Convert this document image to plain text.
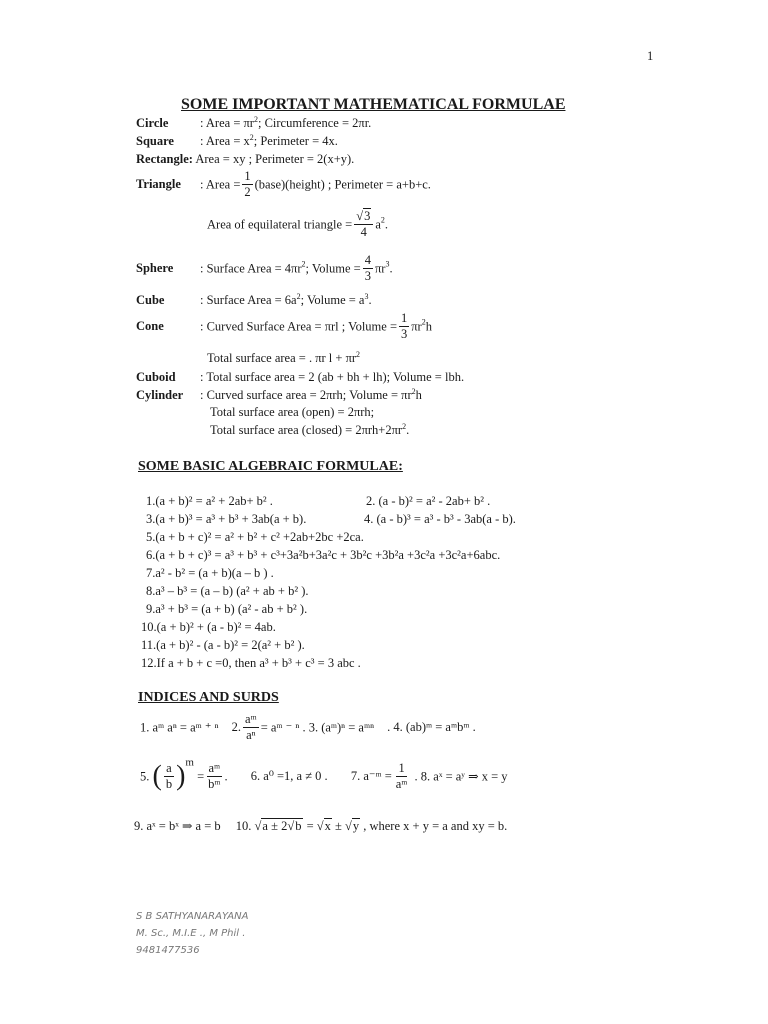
1
SOME IMPORTANT MATHEMATICAL FORMULAE
Circle	: Area = $\pi r^2$; Circumference = 2πr.
Square : Area = $x^2$; Perimeter = 4x.
Rectangle: Area = xy ; Perimeter = 2(x+y).
Triangle : Area = $\frac{1}{2}$ (base)(height) ; Perimeter = a+b+c.
Area of equilateral triangle = $\frac{√3}{4} a^2$.
Sphere : Surface Area = $4\pi r^2$; Volume = $\frac{4}{3} \pi r^3$.
Cube	: Surface Area = $6a^2$; Volume = $a^3$.
Cone	: Curved Surface Area = πrl ; Volume = $\frac{1}{3} \pi r^2h$
Total surface area = . πr $l + \pi r^2$
Cuboid : Total surface area = 2 (ab + bh + lh); Volume = lbh.
Cylinder : Curved surface area = 2πrh; Volume = $\pi r^2h$
Total surface area (open) = 2πrh;
Total surface area (closed) = $2\pi rh+2\pi r^2$.
SOME BASIC ALGEBRAIC FORMULAE:
1.(a + b)² = a² + 2ab+ b² .	2. (a - b)² = a² - 2ab+ b² .
3.(a + b)³ = a³ + b³ + 3ab(a + b).	4. (a - b)³ = a³ - b³ - 3ab(a - b).
5.(a + b + c)² = a² + b² + c² +2ab+2bc +2ca.
6.(a + b + c)³ = a³ + b³ + c³+3a²b+3a²c + 3b²c +3b²a +3c²a +3c²a+6abc.
7.a² - b² = (a + b)(a – b ) .
8.a³ – b³ = (a – b) (a² + ab + b² ).
9.a³ + b³ = (a + b) (a² - ab + b² ).
10.(a + b)² + (a - b)² = 4ab.
11.(a + b)² - (a - b)² = 2(a² + b² ).
12.If a + b + c =0, then a³ + b³ + c³ = 3 abc .
INDICES AND SURDS
1. aᵐ aⁿ = aᵐ ⁺ ⁿ 2. $\frac{\text{aᵐ}}{\text{aⁿ}}$ = aᵐ ⁻ ⁿ . 3. (aᵐ)ⁿ = aᵐⁿ . 4. (ab)ᵐ = aᵐbᵐ .
5. ( $\frac{a}{b} )^m = \frac{\text{aᵐ}}{\text{bᵐ}}$ . 6. a⁰ =1, a ≠ 0 . 7. a⁻ᵐ = $\frac{1}{\text{aᵐ}}$ . 8. aˣ = aʸ ⇒ x = y
9. aˣ = bˣ ⇒ a = b 10. √a ± 2√b = √x ± √y , where x + y = a and xy = b.
S B SATHYANARAYANA
M. Sc., M.I.E ., M Phil .
9481477536
